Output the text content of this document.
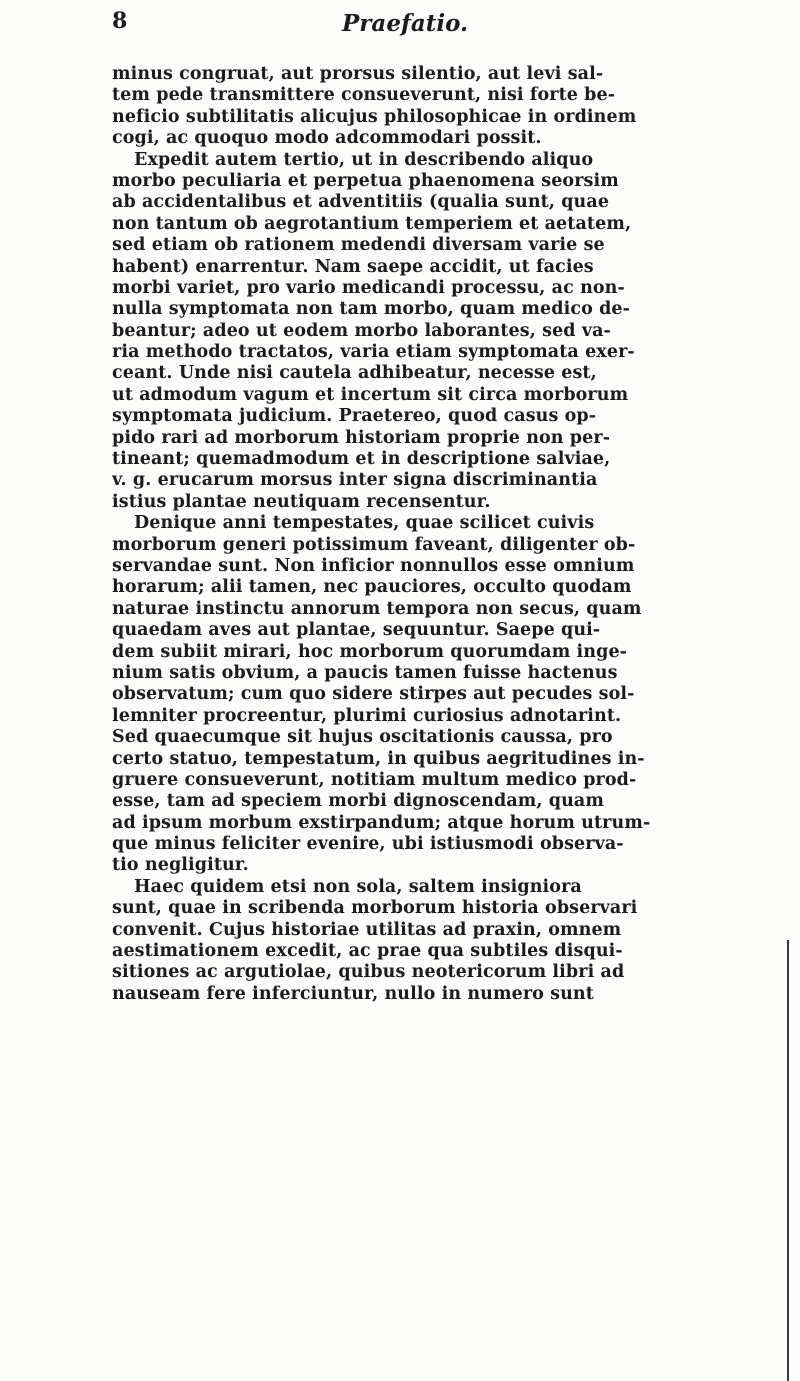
8	Praefatio.
minus congruat, aut prorsus silentio, aut levi sal-
tem pede transmittere consueverunt, nisi forte be-
neficio subtilitatis alicujus philosophicae in ordinem
cogi, ac quoquo modo adcommodari possit.
Expedit autem tertio, ut in describendo aliquo
morbo peculiaria et perpetua phaenomena seorsim
ab accidentalibus et adventitiis (qualia sunt, quae
non tantum ob aegrotantium temperiem et aetatem,
sed etiam ob rationem medendi diversam varie se
habent) enarrentur. Nam saepe accidit, ut facies
morbi variet, pro vario medicandi processu, ac non-
nulla symptomata non tam morbo, quam medico de-
beantur; adeo ut eodem morbo laborantes, sed va-
ria methodo tractatos, varia etiam symptomata exer-
ceant. Unde nisi cautela adhibeatur, necesse est,
ut admodum vagum et incertum sit circa morborum
symptomata judicium. Praetereo, quod casus op-
pido rari ad morborum historiam proprie non per-
tineant; quemadmodum et in descriptione salviae,
v. g. erucarum morsus inter signa discriminantia
istius plantae neutiquam recensentur.
Denique anni tempestates, quae scilicet cuivis
morborum generi potissimum faveant, diligenter ob-
servandae sunt. Non inficior nonnullos esse omnium
horarum; alii tamen, nec pauciores, occulto quodam
naturae instinctu annorum tempora non secus, quam
quaedam aves aut plantae, sequuntur. Saepe qui-
dem subiit mirari, hoc morborum quorumdam inge-
nium satis obvium, a paucis tamen fuisse hactenus
observatum; cum quo sidere stirpes aut pecudes sol-
lemniter procreentur, plurimi curiosius adnotarint.
Sed quaecumque sit hujus oscitationis caussa, pro
certo statuo, tempestatum, in quibus aegritudines in-
gruere consueverunt, notitiam multum medico prod-
esse, tam ad speciem morbi dignoscendam, quam
ad ipsum morbum exstirpandum; atque horum utrum-
que minus feliciter evenire, ubi istiusmodi observa-
tio negligitur.
Haec quidem etsi non sola, saltem insigniora
sunt, quae in scribenda morborum historia observari
convenit. Cujus historiae utilitas ad praxin, omnem
aestimationem excedit, ac prae qua subtiles disqui-
sitiones ac argutiolae, quibus neotericorum libri ad
nauseam fere inferciuntur, nullo in numero sunt
